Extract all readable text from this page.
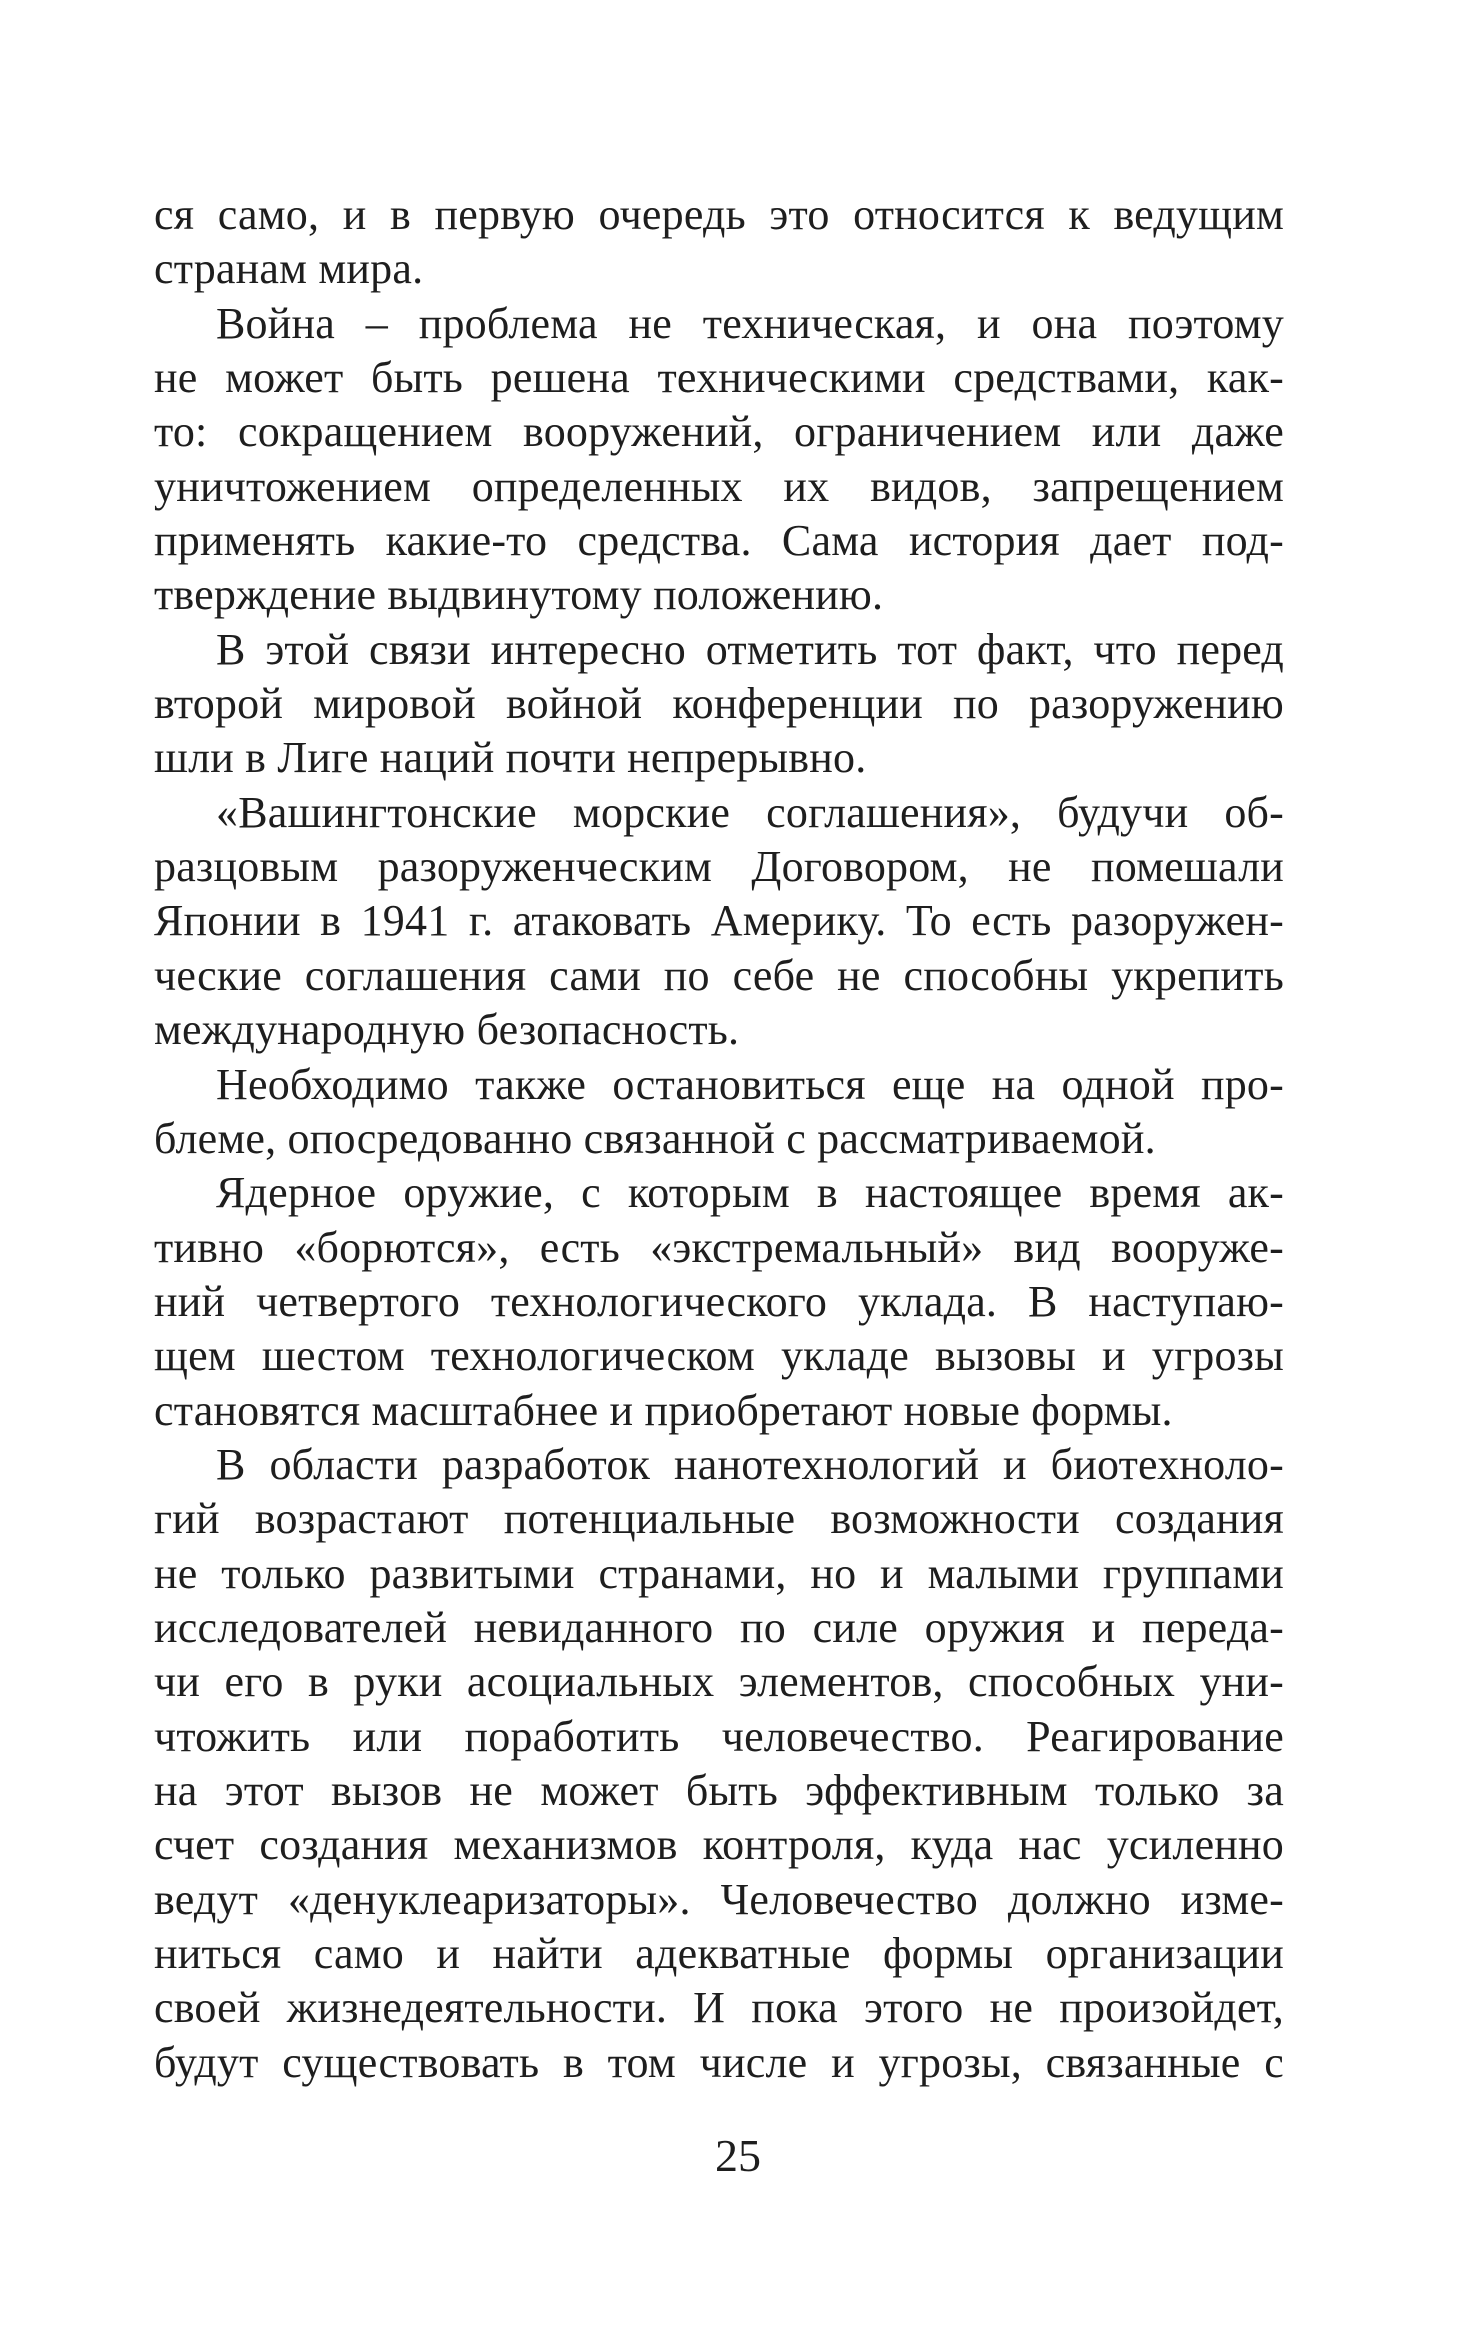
ся само, и в первую очередь это относится к ведущим
странам мира.
Война – проблема не техническая, и она поэтому
не может быть решена техническими средствами, как-
то: сокращением вооружений, ограничением или даже
уничтожением определенных их видов, запрещением
применять какие-то средства. Сама история дает под-
тверждение выдвинутому положению.
В этой связи интересно отметить тот факт, что перед
второй мировой войной конференции по разоружению
шли в Лиге наций почти непрерывно.
«Вашингтонские морские соглашения», будучи об-
разцовым разоруженческим Договором, не помешали
Японии в 1941 г. атаковать Америку. То есть разоружен-
ческие соглашения сами по себе не способны укрепить
международную безопасность.
Необходимо также остановиться еще на одной про-
блеме, опосредованно связанной с рассматриваемой.
Ядерное оружие, с которым в настоящее время ак-
тивно «борются», есть «экстремальный» вид вооруже-
ний четвертого технологического уклада. В наступаю-
щем шестом технологическом укладе вызовы и угрозы
становятся масштабнее и приобретают новые формы.
В области разработок нанотехнологий и биотехноло-
гий возрастают потенциальные возможности создания
не только развитыми странами, но и малыми группами
исследователей невиданного по силе оружия и переда-
чи его в руки асоциальных элементов, способных уни-
чтожить или поработить человечество. Реагирование
на этот вызов не может быть эффективным только за
счет создания механизмов контроля, куда нас усиленно
ведут «денуклеаризаторы». Человечество должно изме-
ниться само и найти адекватные формы организации
своей жизнедеятельности. И пока этого не произойдет,
будут существовать в том числе и угрозы, связанные с
25
